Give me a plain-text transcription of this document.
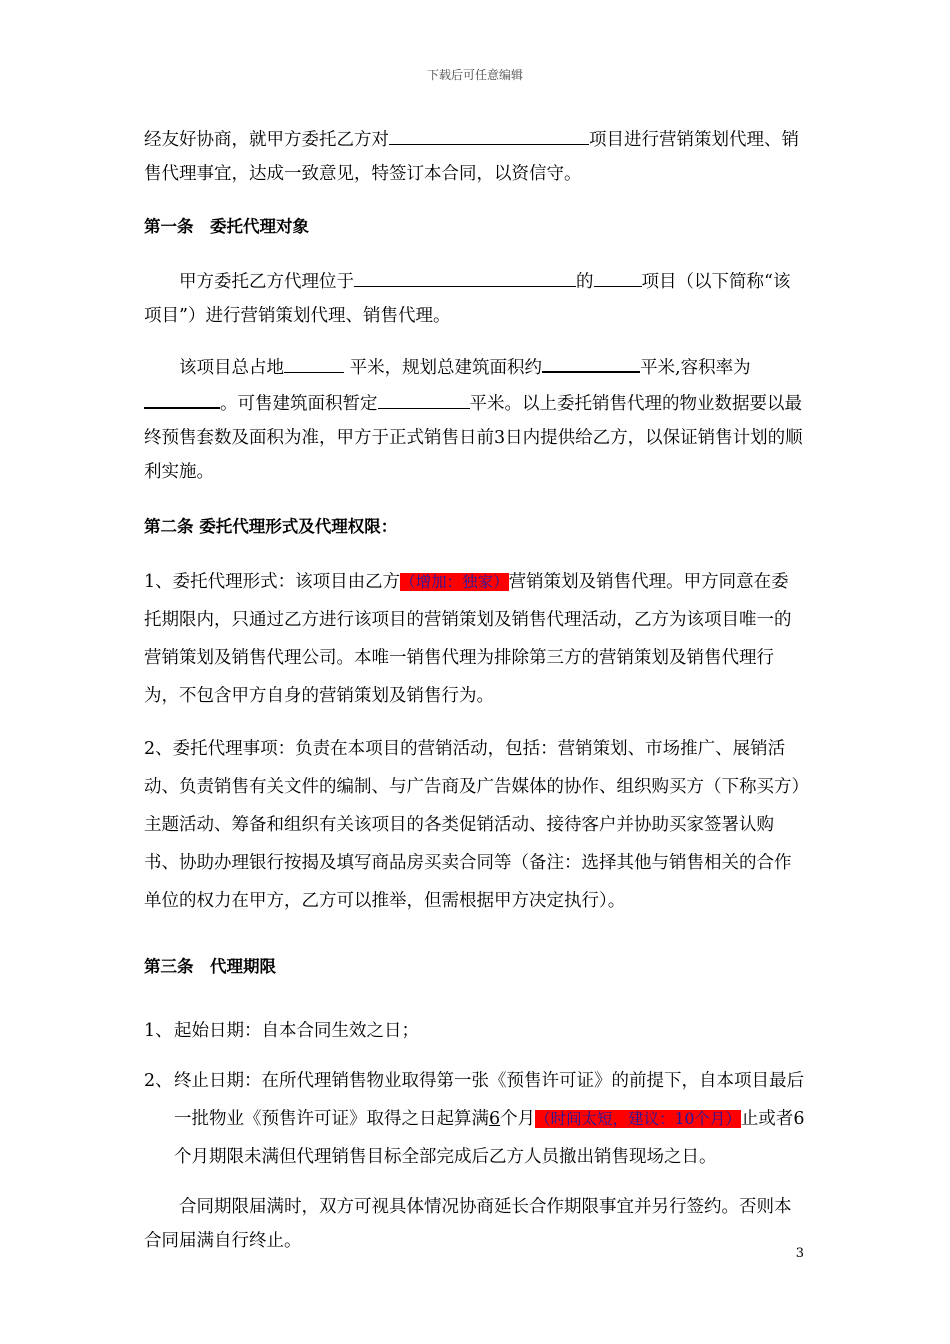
下载后可任意编辑

经友好协商，就甲方委托乙方对	项目进行营销策划代理、销售代理事宜，达成一致意见，特签订本合同，以资信守。

第一条　委托代理对象

甲方委托乙方代理位于	的	项目（以下简称“该项目”）进行营销策划代理、销售代理。

该项目总占地	平米，规划总建筑面积约	平米,容积率为。可售建筑面积暂定	平米。以上委托销售代理的物业数据要以最终预售套数及面积为准，甲方于正式销售日前3日内提供给乙方，以保证销售计划的顺利实施。

第二条 委托代理形式及代理权限：

1、委托代理形式：该项目由乙方（增加：独家）营销策划及销售代理。甲方同意在委托期限内，只通过乙方进行该项目的营销策划及销售代理活动，乙方为该项目唯一的营销策划及销售代理公司。本唯一销售代理为排除第三方的营销策划及销售代理行为，不包含甲方自身的营销策划及销售行为。

2、委托代理事项：负责在本项目的营销活动，包括：营销策划、市场推广、展销活动、负责销售有关文件的编制、与广告商及广告媒体的协作、组织购买方（下称买方）主题活动、筹备和组织有关该项目的各类促销活动、接待客户并协助买家签署认购书、协助办理银行按揭及填写商品房买卖合同等（备注：选择其他与销售相关的合作单位的权力在甲方，乙方可以推举，但需根据甲方决定执行）。

第三条　代理期限

1、起始日期：自本合同生效之日；

2、终止日期：在所代理销售物业取得第一张《预售许可证》的前提下，自本项目最后一批物业《预售许可证》取得之日起算满6个月（时间太短，建议：10个月）止或者6个月期限未满但代理销售目标全部完成后乙方人员撤出销售现场之日。

合同期限届满时，双方可视具体情况协商延长合作期限事宜并另行签约。否则本合同届满自行终止。

3
